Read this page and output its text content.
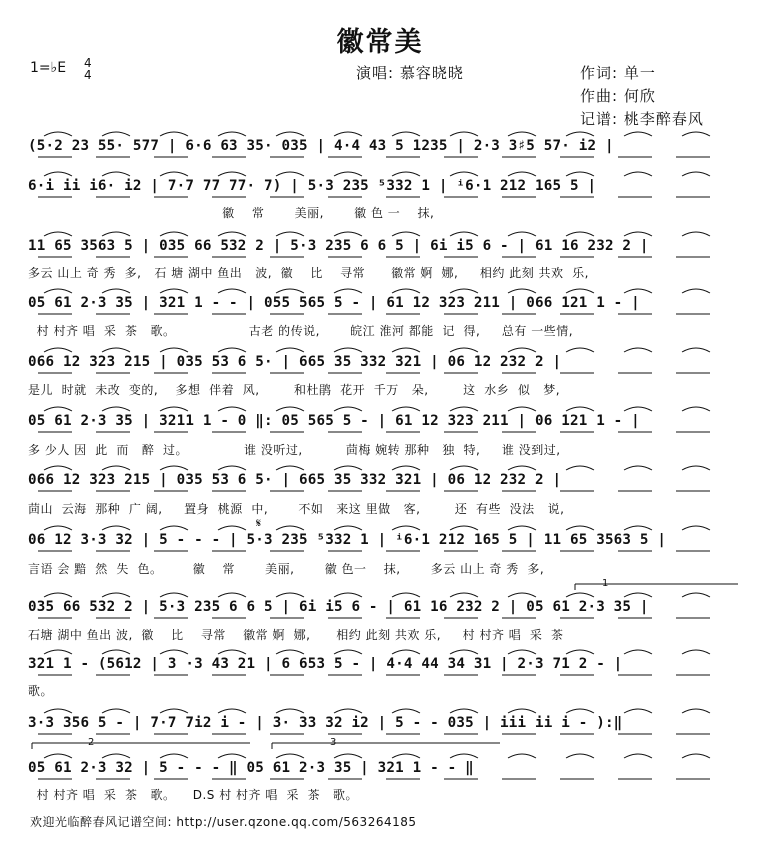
徽常美
1=♭E 4
4	演唱: 慕容晓晓	作词: 单一
作曲: 何欣
记谱: 桃李醉春风
(5·2 23 55· 577 | 6·6 63 35· 035 | 4·4 43 5 1235 | 2·3 3♯5 57· i2 |
6·i ii i6· i2 | 7·7 77 77· 7) | 5·3 235 ⁵332 1 | ⁱ6·1 212 165 5 |
徽    常       美丽,       徽 色 一    抹,
11 65 3563 5 | 035 66 532 2 | 5·3 235 6 6 5 | 6i i5 6 - | 61 16 232 2 |
多云 山上 奇 秀  多,   石 塘 湖中 鱼出   波,  徽    比    寻常      徽常 婀  娜,     相约 此刻 共欢  乐,
05 61 2·3 35 | 321 1 - - | 055 565 5 - | 61 12 323 211 | 066 121 1 - |
村 村齐 唱  采  茶   歌。                 古老 的传说,       皖江 淮河 都能  记  得,     总有 一些情,
066 12 323 215 | 035 53 6 5· | 665 35 332 321 | 06 12 232 2 |
是儿  时就  未改  变的,    多想  伴着  风,        和杜鹃  花开  千万   朵,        这  水乡  似   梦,
05 61 2·3 35 | 3211 1 - 0 ‖: 05 565 5 - | 61 12 323 211 | 06 121 1 - |
多 少人 因  此  而   醉  过。             谁 没听过,          茴梅 婉转 那种   独  特,     谁 没到过,
066 12 323 215 | 035 53 6 5· | 665 35 332 321 | 06 12 232 2 |
茴山  云海  那种  广 阔,     置身  桃源  中,       不如   来这 里做   客,        还  有些  没法   说,
06 12 3·3 32 | 5 - - - | 5·3 235 ⁵332 1 | ⁱ6·1 212 165 5 | 11 65 3563 5 |
言语 会 黯  然  失  色。       徽    常       美丽,       徽 色一    抹,       多云 山上 奇 秀  多,
035 66 532 2 | 5·3 235 6 6 5 | 6i i5 6 - | 61 16 232 2 | 05 61 2·3 35 |
石塘 湖中 鱼出 波,  徽    比    寻常    徽常 婀  娜,      相约 此刻 共欢 乐,     村 村齐 唱  采  茶
321 1 - (5612 | 3 ·3 43 21 | 6 653 5 - | 4·4 44 34 31 | 2·3 71 2 - |
歌。
3·3 356 5 - | 7·7 7i2 i - | 3· 33 32 i2 | 5 - - 035 | iii ii i - ):‖
05 61 2·3 32 | 5 - - - ‖ 05 61 2·3 35 | 321 1 - - ‖
村 村齐 唱  采  茶   歌。    D.S 村 村齐 唱  采  茶   歌。
1
2	3
𝄋
欢迎光临醉春风记谱空间: http://user.qzone.qq.com/563264185
